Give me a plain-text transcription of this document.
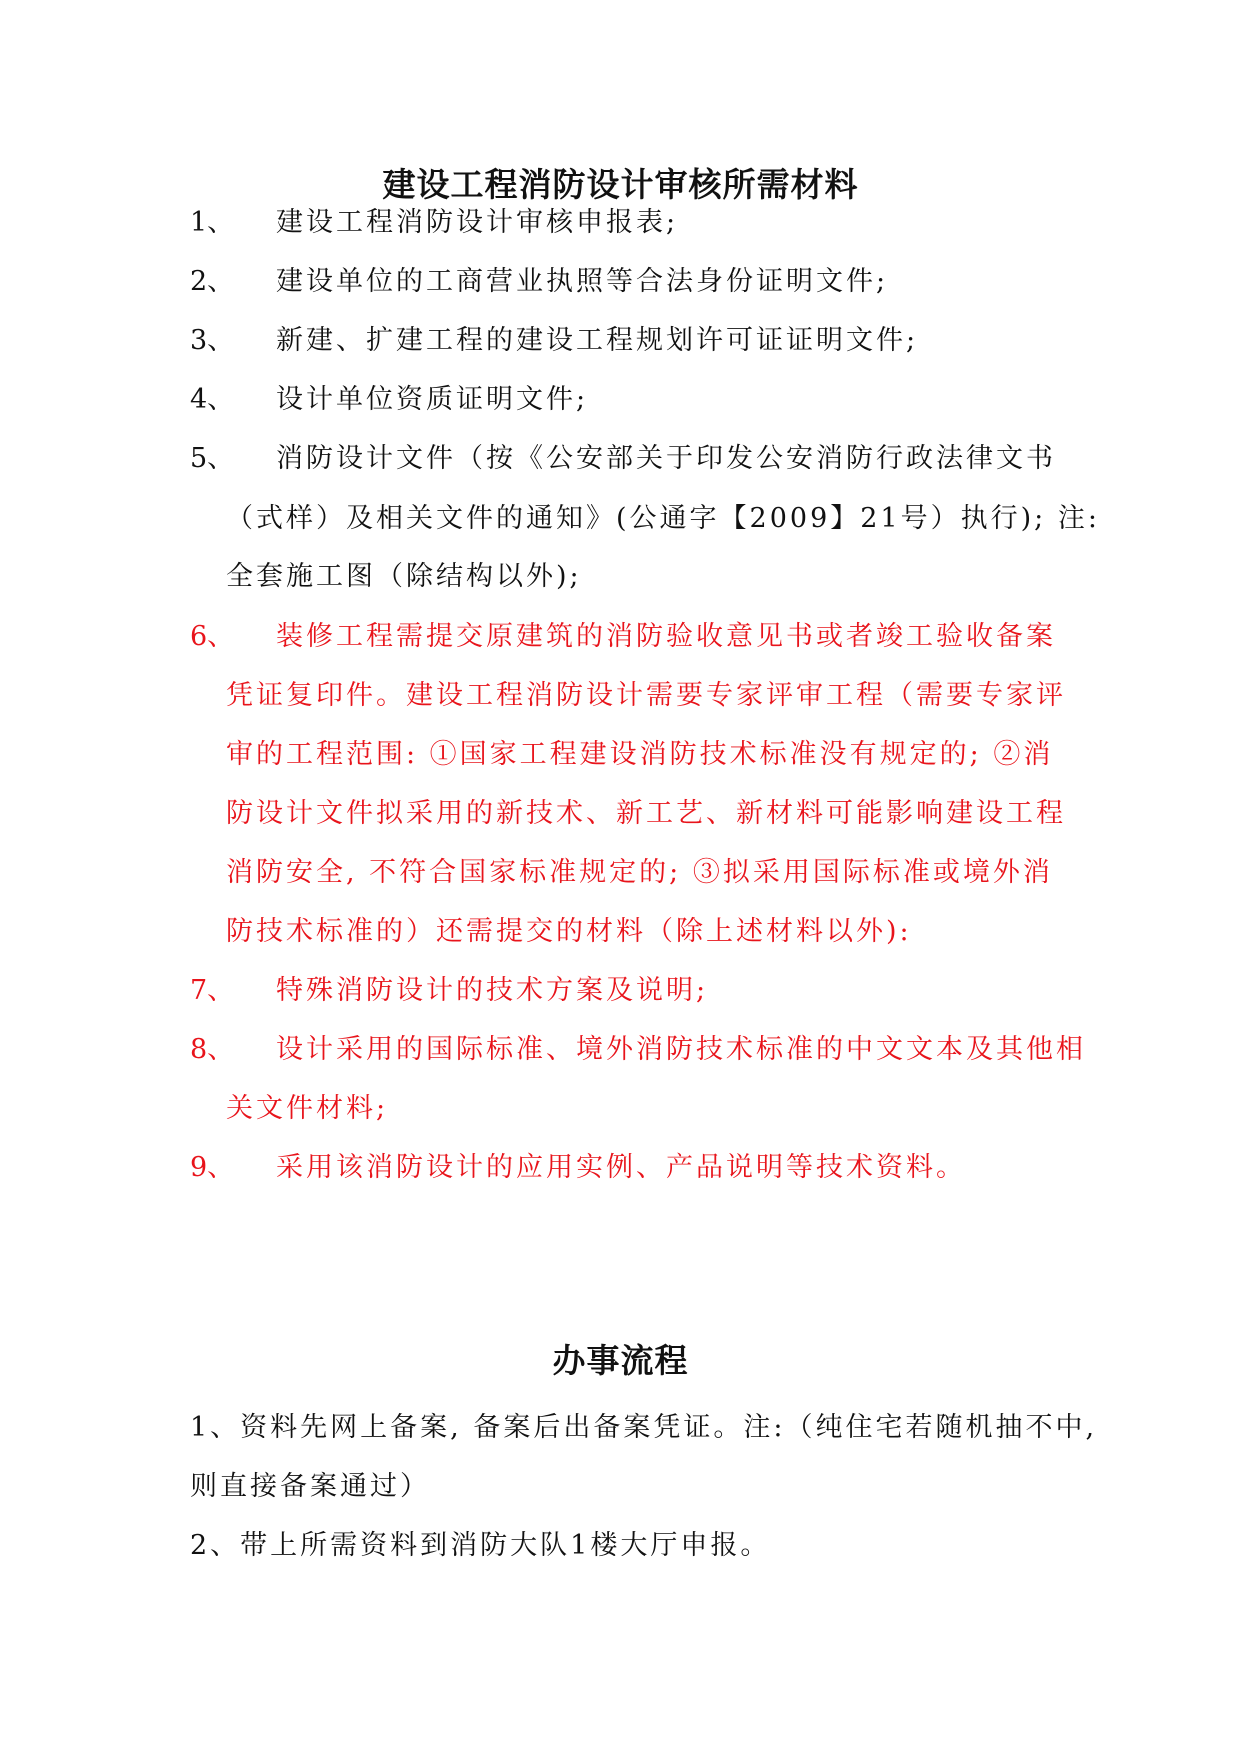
建设工程消防设计审核所需材料
1、 建设工程消防设计审核申报表;
2、 建设单位的工商营业执照等合法身份证明文件;
3、 新建、扩建工程的建设工程规划许可证证明文件;
4、 设计单位资质证明文件;
5、 消防设计文件（按《公安部关于印发公安消防行政法律文书
（式样）及相关文件的通知》(公通字【2009】21号）执行); 注:
全套施工图（除结构以外);
6、 装修工程需提交原建筑的消防验收意见书或者竣工验收备案
凭证复印件。建设工程消防设计需要专家评审工程（需要专家评
审的工程范围: ①国家工程建设消防技术标准没有规定的; ②消
防设计文件拟采用的新技术、新工艺、新材料可能影响建设工程
消防安全, 不符合国家标准规定的; ③拟采用国际标准或境外消
防技术标准的）还需提交的材料（除上述材料以外):
7、 特殊消防设计的技术方案及说明;
8、 设计采用的国际标准、境外消防技术标准的中文文本及其他相
关文件材料;
9、 采用该消防设计的应用实例、产品说明等技术资料。
办事流程
1、资料先网上备案, 备案后出备案凭证。注:（纯住宅若随机抽不中,
则直接备案通过）
2、带上所需资料到消防大队1楼大厅申报。
